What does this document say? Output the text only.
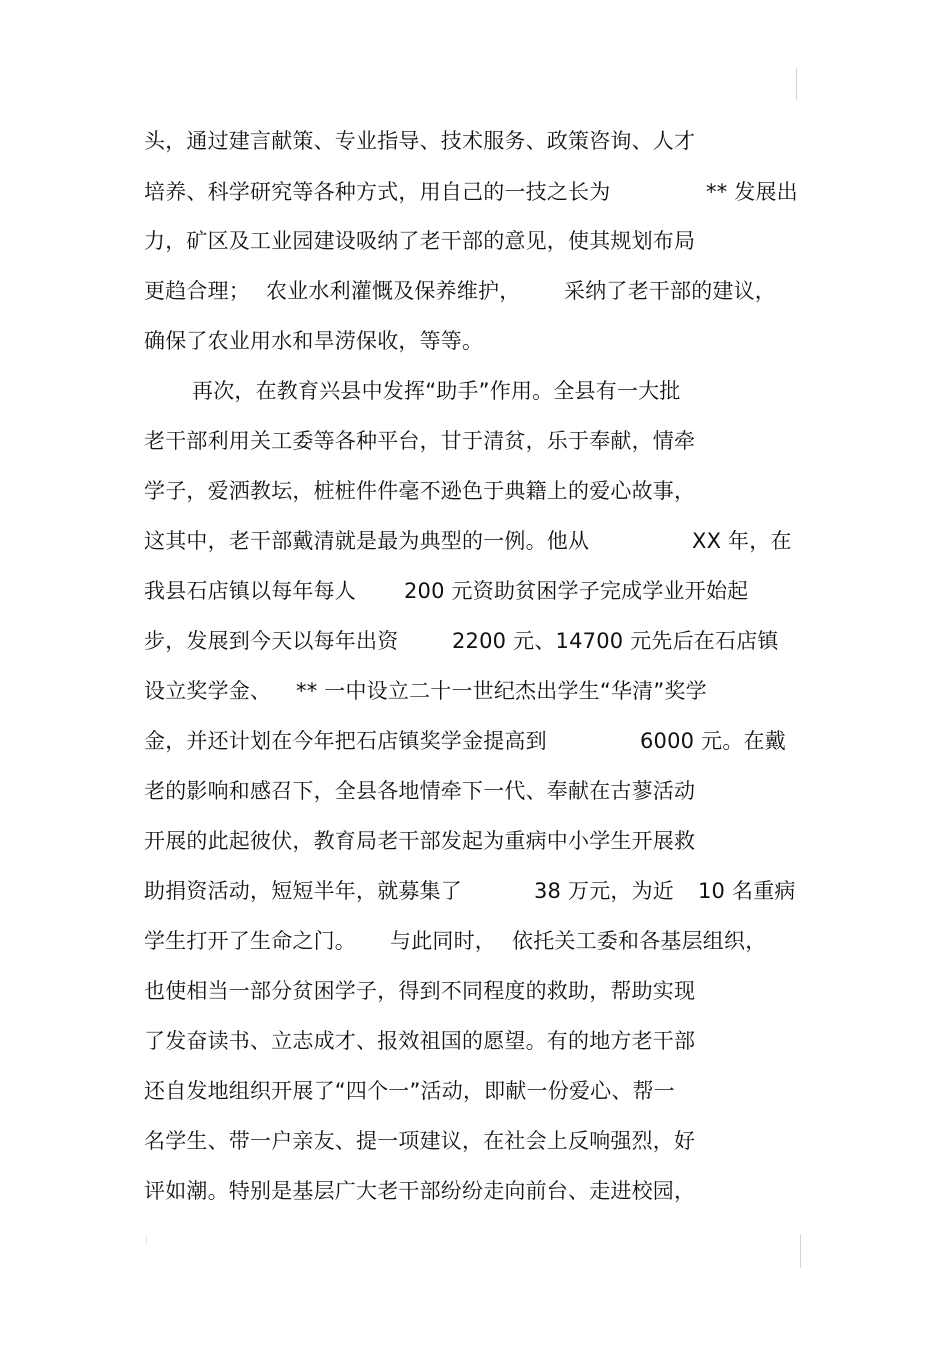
头，通过建言献策、专业指导、技术服务、政策咨询、人才
培养、科学研究等各种方式，用自己的一技之长为	** 发展出
力，矿区及工业园建设吸纳了老干部的意见，使其规划布局
更趋合理； 农业水利灌慨及保养维护， 采纳了老干部的建议，
确保了农业用水和旱涝保收，等等。
再次，在教育兴县中发挥“助手”作用。全县有一大批
老干部利用关工委等各种平台，甘于清贫，乐于奉献，情牵
学子，爱洒教坛，桩桩件件毫不逊色于典籍上的爱心故事，
这其中，老干部戴清就是最为典型的一例。他从	XX 年，在
我县石店镇以每年每人 200 元资助贫困学子完成学业开始起
步，发展到今天以每年出资	2200 元、14700 元先后在石店镇
设立奖学金、 ** 一中设立二十一世纪杰出学生“华清”奖学
金，并还计划在今年把石店镇奖学金提高到	6000 元。在戴
老的影响和感召下，全县各地情牵下一代、奉献在古蓼活动
开展的此起彼伏，教育局老干部发起为重病中小学生开展救
助捐资活动，短短半年，就募集了	38 万元，为近 10 名重病
学生打开了生命之门。 与此同时， 依托关工委和各基层组织，
也使相当一部分贫困学子，得到不同程度的救助，帮助实现
了发奋读书、立志成才、报效祖国的愿望。有的地方老干部
还自发地组织开展了“四个一”活动，即献一份爱心、帮一
名学生、带一户亲友、提一项建议，在社会上反响强烈，好
评如潮。特别是基层广大老干部纷纷走向前台、走进校园，
